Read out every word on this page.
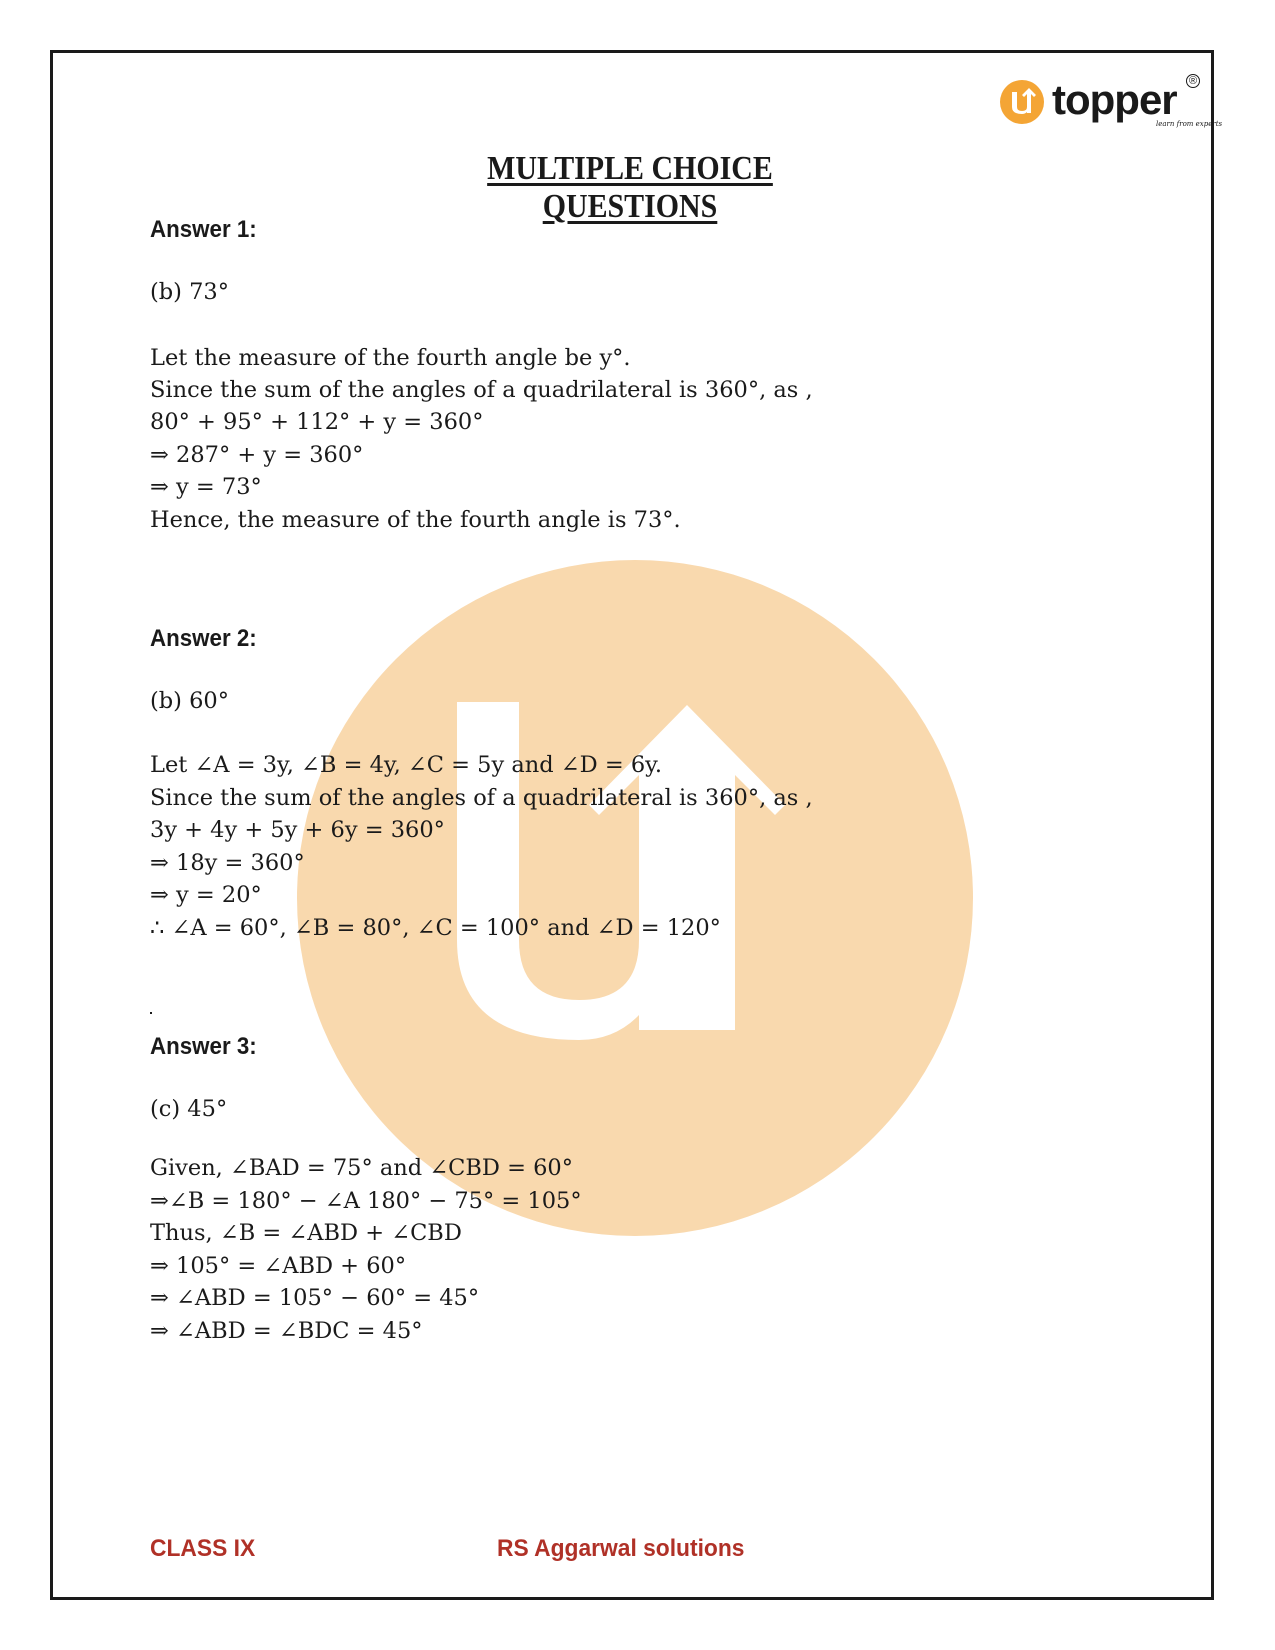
topper ®
learn from experts
MULTIPLE CHOICE QUESTIONS
Answer 1:
(b) 73°
Let the measure of the fourth angle be y°.
Since the sum of the angles of a quadrilateral is 360°, as ,
80° + 95° + 112° + y = 360°
⇒ 287° + y = 360°
⇒ y = 73°
Hence, the measure of the fourth angle is 73°.
Answer 2:
(b) 60°
Let ∠A = 3y, ∠B = 4y, ∠C = 5y and ∠D = 6y.
Since the sum of the angles of a quadrilateral is 360°, as ,
3y + 4y + 5y + 6y = 360°
⇒ 18y = 360°
⇒ y = 20°
∴ ∠A = 60°, ∠B = 80°, ∠C = 100° and ∠D = 120°
Answer 3:
(c) 45°
Given, ∠BAD = 75° and ∠CBD = 60°
⇒∠B = 180° − ∠A 180° − 75° = 105°
Thus, ∠B = ∠ABD + ∠CBD
⇒ 105° = ∠ABD + 60°
⇒ ∠ABD = 105° − 60° = 45°
⇒ ∠ABD = ∠BDC = 45°
CLASS IX	RS Aggarwal solutions
